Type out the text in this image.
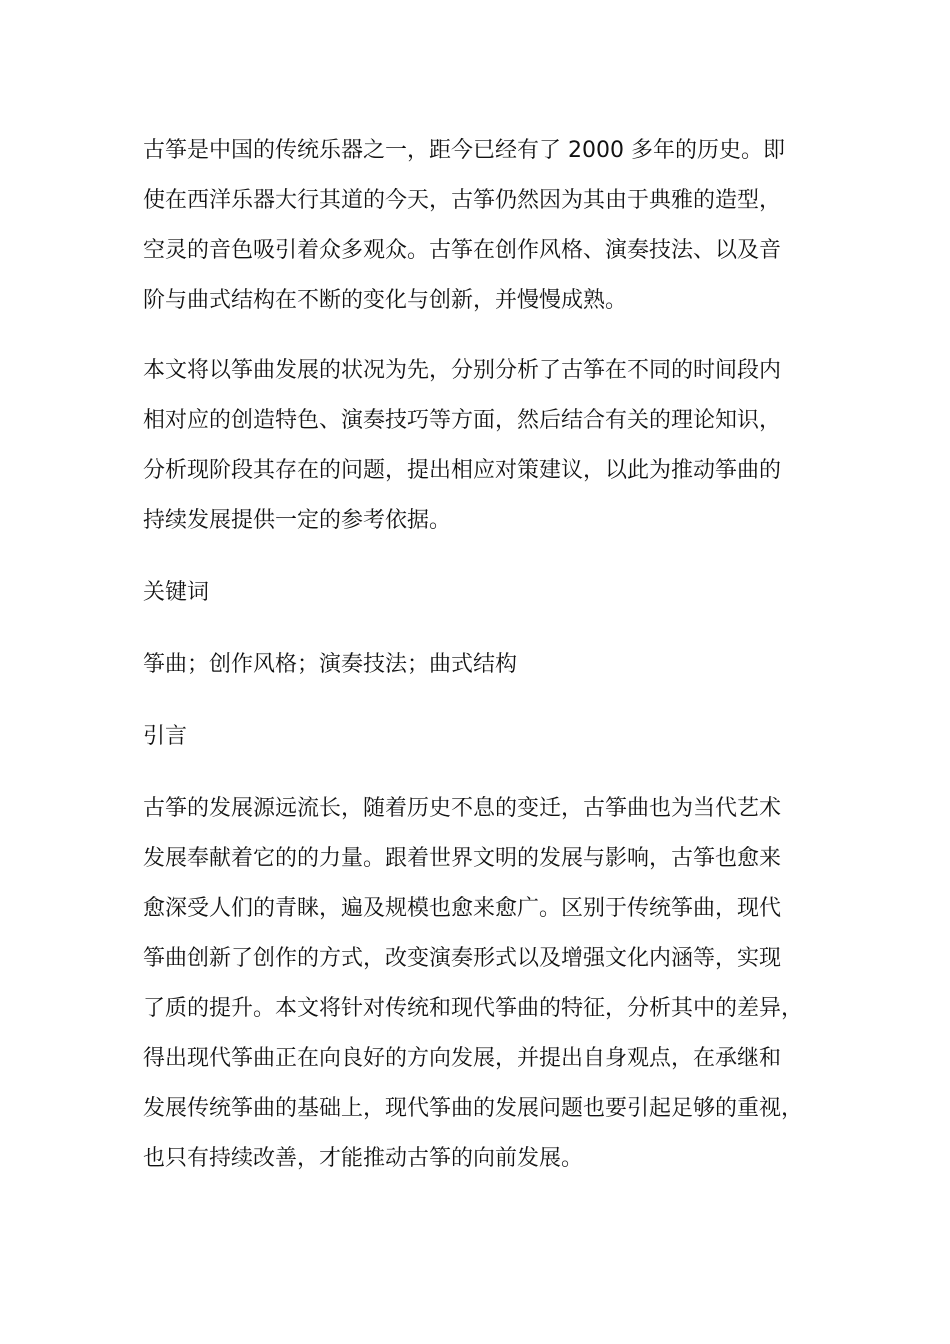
古筝是中国的传统乐器之一，距今已经有了 2000 多年的历史。即
使在西洋乐器大行其道的今天，古筝仍然因为其由于典雅的造型，
空灵的音色吸引着众多观众。古筝在创作风格、演奏技法、以及音
阶与曲式结构在不断的变化与创新，并慢慢成熟。
本文将以筝曲发展的状况为先，分别分析了古筝在不同的时间段内
相对应的创造特色、演奏技巧等方面，然后结合有关的理论知识，
分析现阶段其存在的问题，提出相应对策建议，以此为推动筝曲的
持续发展提供一定的参考依据。
关键词
筝曲；创作风格；演奏技法；曲式结构
引言
古筝的发展源远流长，随着历史不息的变迁，古筝曲也为当代艺术
发展奉献着它的的力量。跟着世界文明的发展与影响，古筝也愈来
愈深受人们的青睐，遍及规模也愈来愈广。区别于传统筝曲，现代
筝曲创新了创作的方式，改变演奏形式以及增强文化内涵等，实现
了质的提升。本文将针对传统和现代筝曲的特征，分析其中的差异，
得出现代筝曲正在向良好的方向发展，并提出自身观点，在承继和
发展传统筝曲的基础上，现代筝曲的发展问题也要引起足够的重视，
也只有持续改善，才能推动古筝的向前发展。
